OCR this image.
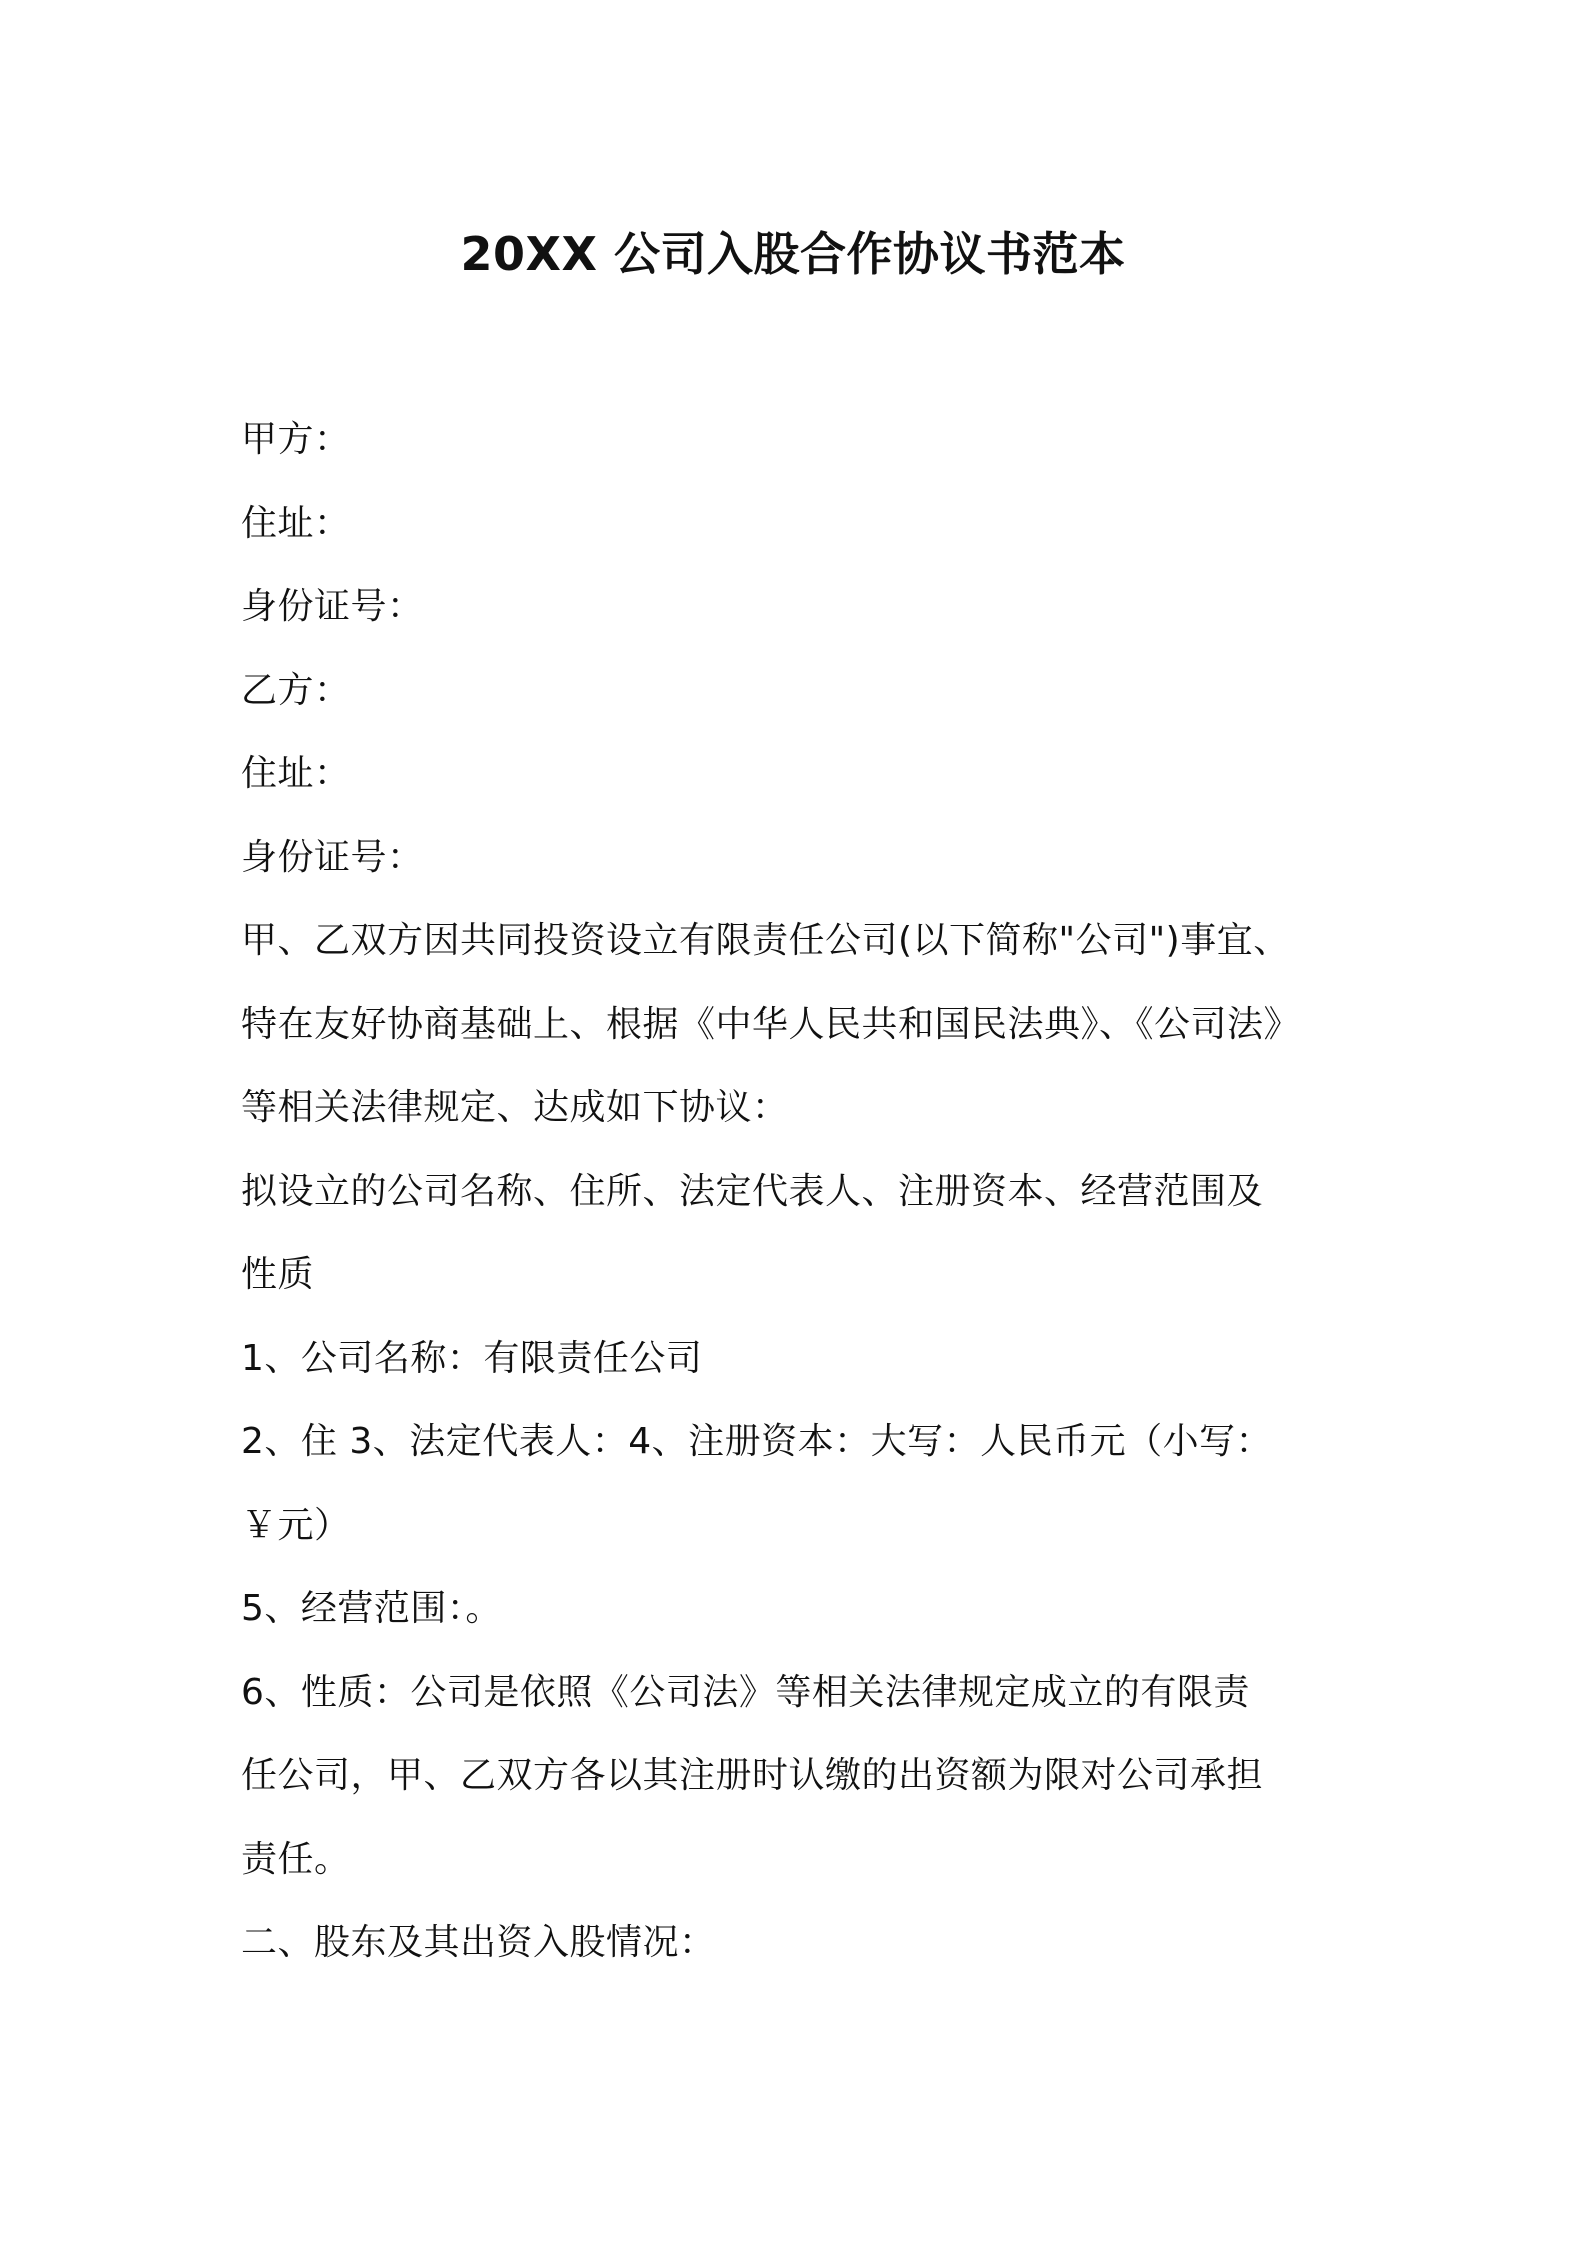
20XX 公司入股合作协议书范本
甲方：
住址：
身份证号：
乙方：
住址：
身份证号：
甲、乙双方因共同投资设立有限责任公司(以下简称"公司")事宜、
特在友好协商基础上、根据《中华人民共和国民法典》、《公司法》
等相关法律规定、达成如下协议：
拟设立的公司名称、住所、法定代表人、注册资本、经营范围及
性质
1、公司名称：有限责任公司
2、住 3、法定代表人：4、注册资本：大写：人民币元（小写：
￥元）
5、经营范围：。
6、性质：公司是依照《公司法》等相关法律规定成立的有限责
任公司，甲、乙双方各以其注册时认缴的出资额为限对公司承担
责任。
二、股东及其出资入股情况：
